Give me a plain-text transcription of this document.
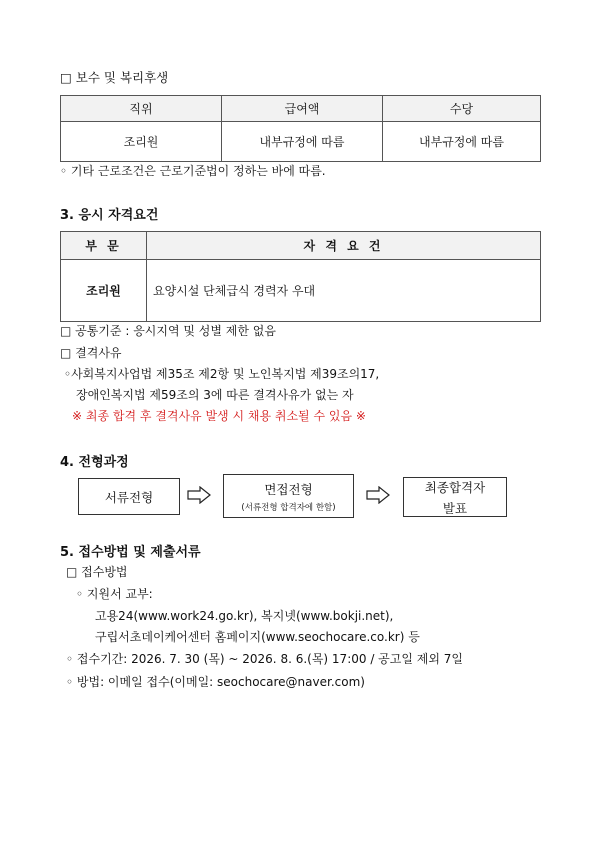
□ 보수 및 복리후생
직위	급여액	수당
조리원	내부규정에 따름	내부규정에 따름
◦ 기타 근로조건은 근로기준법이 정하는 바에 따름.
3. 응시 자격요건
부 문	자 격 요 건
조리원	요양시설 단체급식 경력자 우대
□ 공통기준 : 응시지역 및 성별 제한 없음
□ 결격사유
◦사회복지사업법 제35조 제2항 및 노인복지법 제39조의17,
장애인복지법 제59조의 3에 따른 결격사유가 없는 자
※ 최종 합격 후 결격사유 발생 시 채용 취소될 수 있음 ※
4. 전형과정
서류전형
면접전형
(서류전형 합격자에 한함)
최종합격자
발표
5. 접수방법 및 제출서류
□ 접수방법
◦ 지원서 교부:
고용24(www.work24.go.kr), 복지넷(www.bokji.net),
구립서초데이케어센터 홈페이지(www.seochocare.co.kr) 등
◦ 접수기간: 2026. 7. 30 (목) ~ 2026. 8. 6.(목) 17:00 / 공고일 제외 7일
◦ 방법: 이메일 접수(이메일: seochocare@naver.com)
